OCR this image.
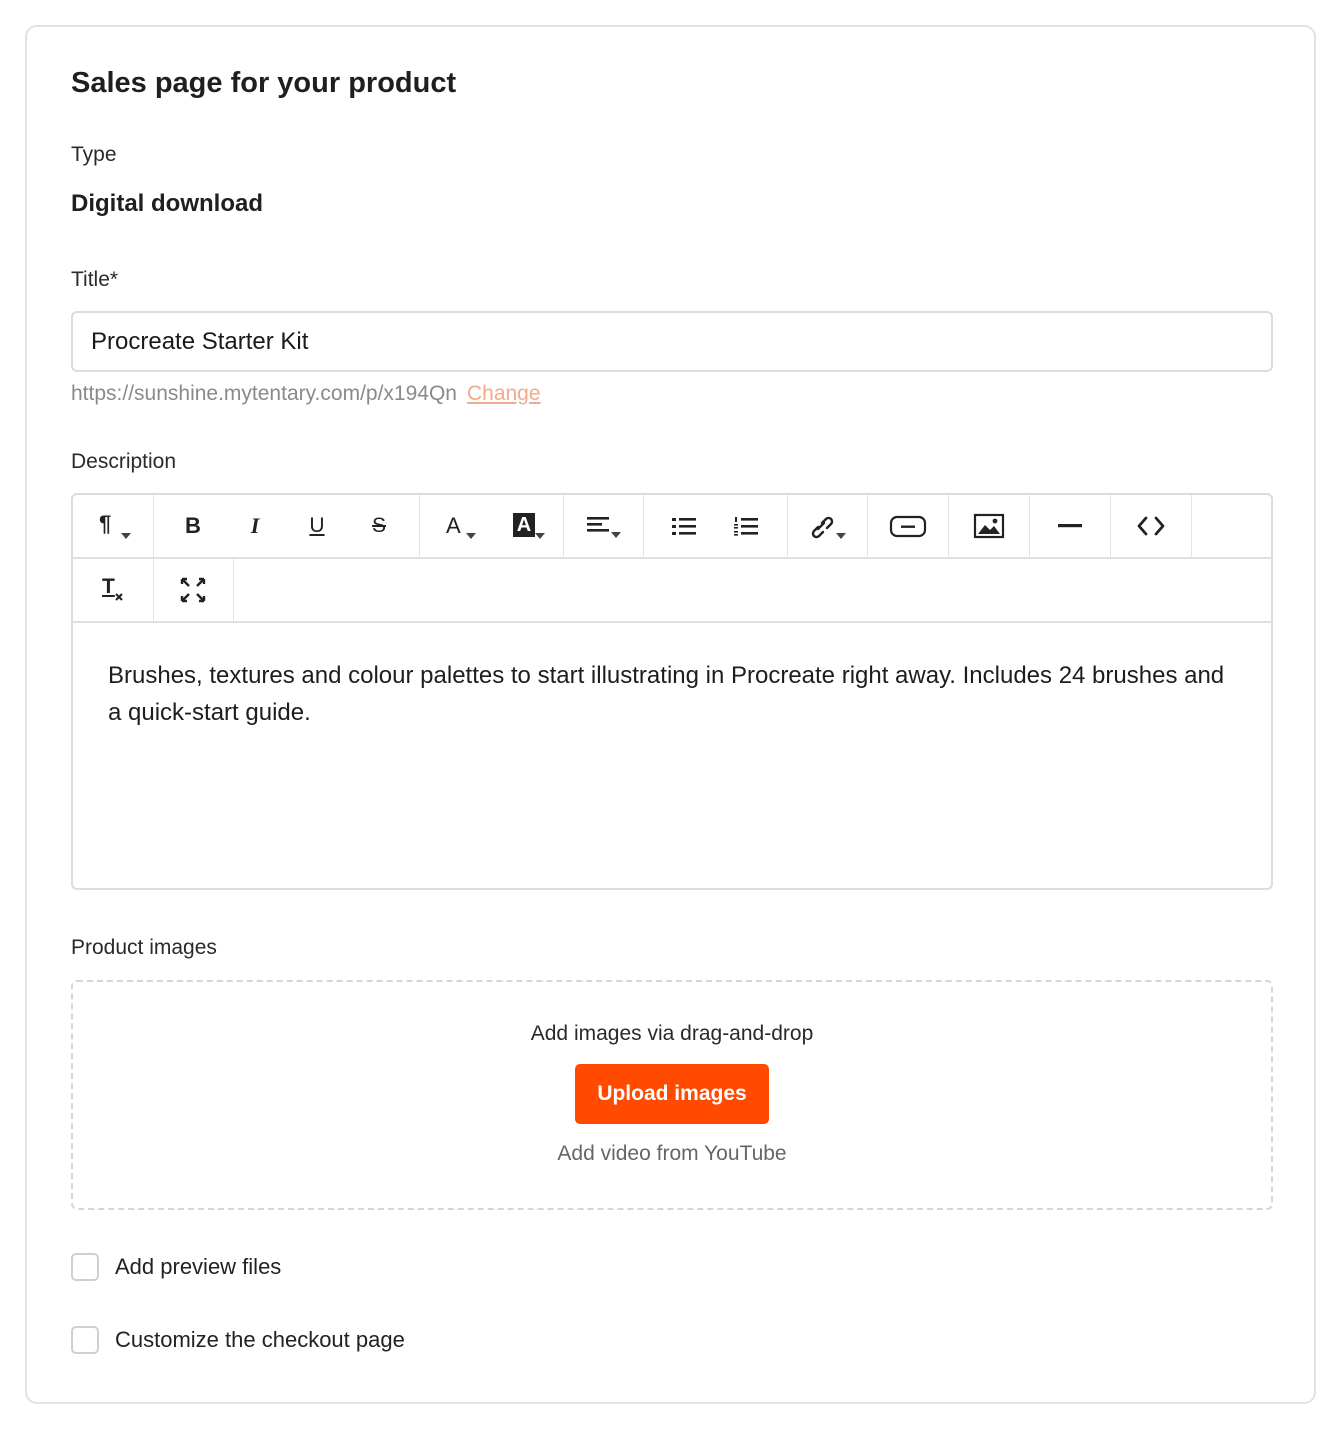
Sales page for your product
Type
Digital download
Title*
Procreate Starter Kit
https://sunshine.mytentary.com/p/x194Qn Change
Description
¶	B I U S	A	A
T

Brushes, textures and colour palettes to start illustrating in Procreate right away. Includes 24 brushes and a quick-start guide.

Product images
Add images via drag-and-drop
Upload images
Add video from YouTube
Add preview files
Customize the checkout page
